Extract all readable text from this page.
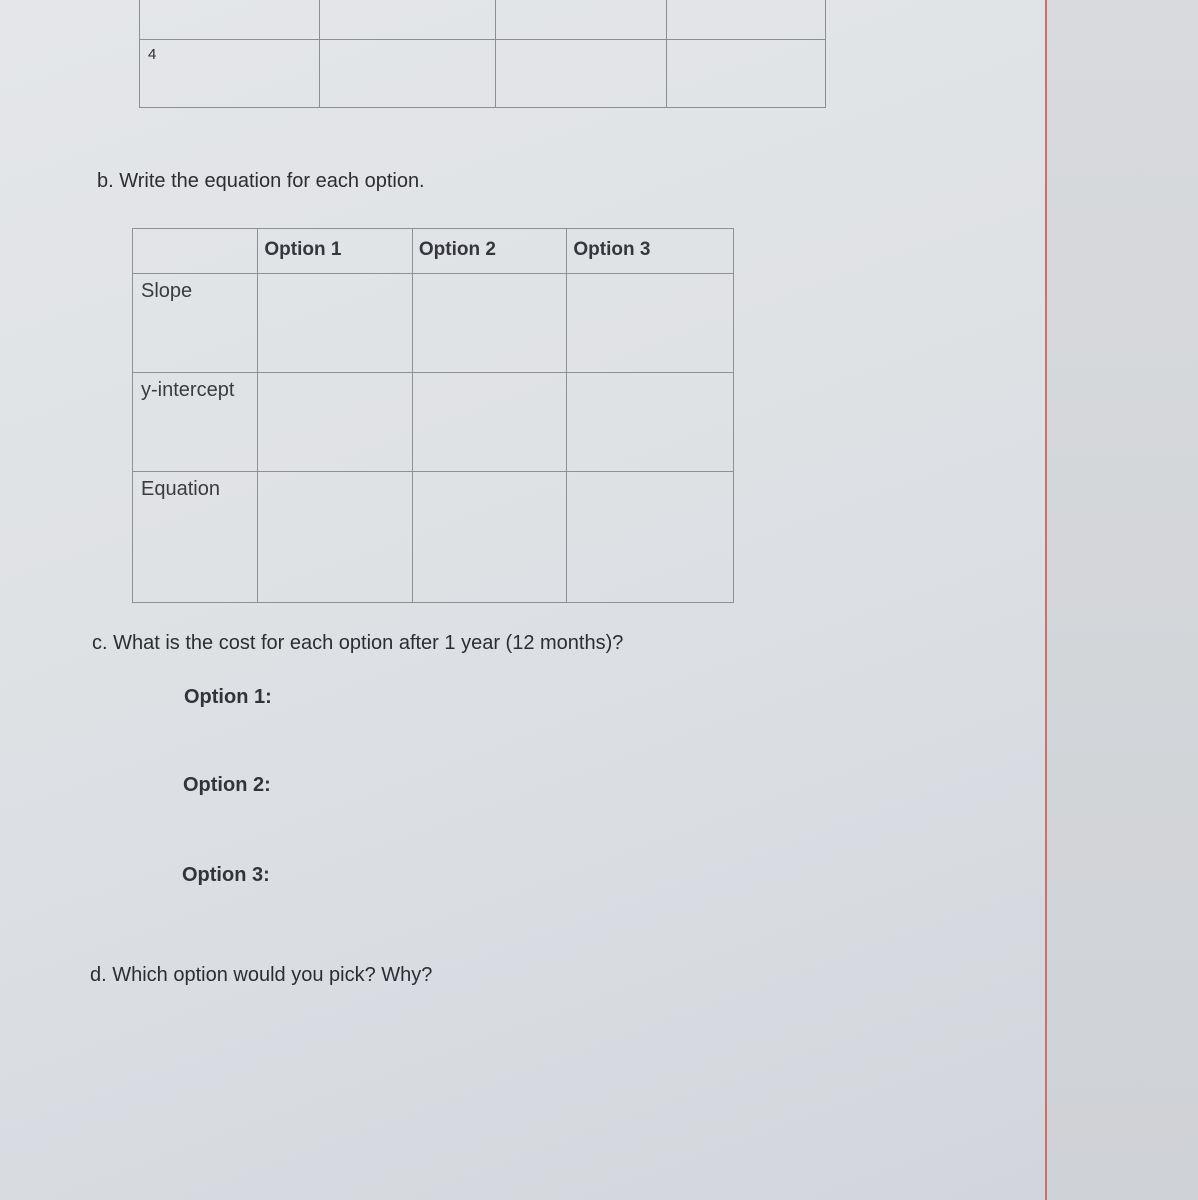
4			

b. Write the equation for each option.

	Option 1	Option 2	Option 3

Slope			

y-intercept			

Equation			

c. What is the cost for each option after 1 year (12 months)?
Option 1:
Option 2:
Option 3:
d. Which option would you pick? Why?
